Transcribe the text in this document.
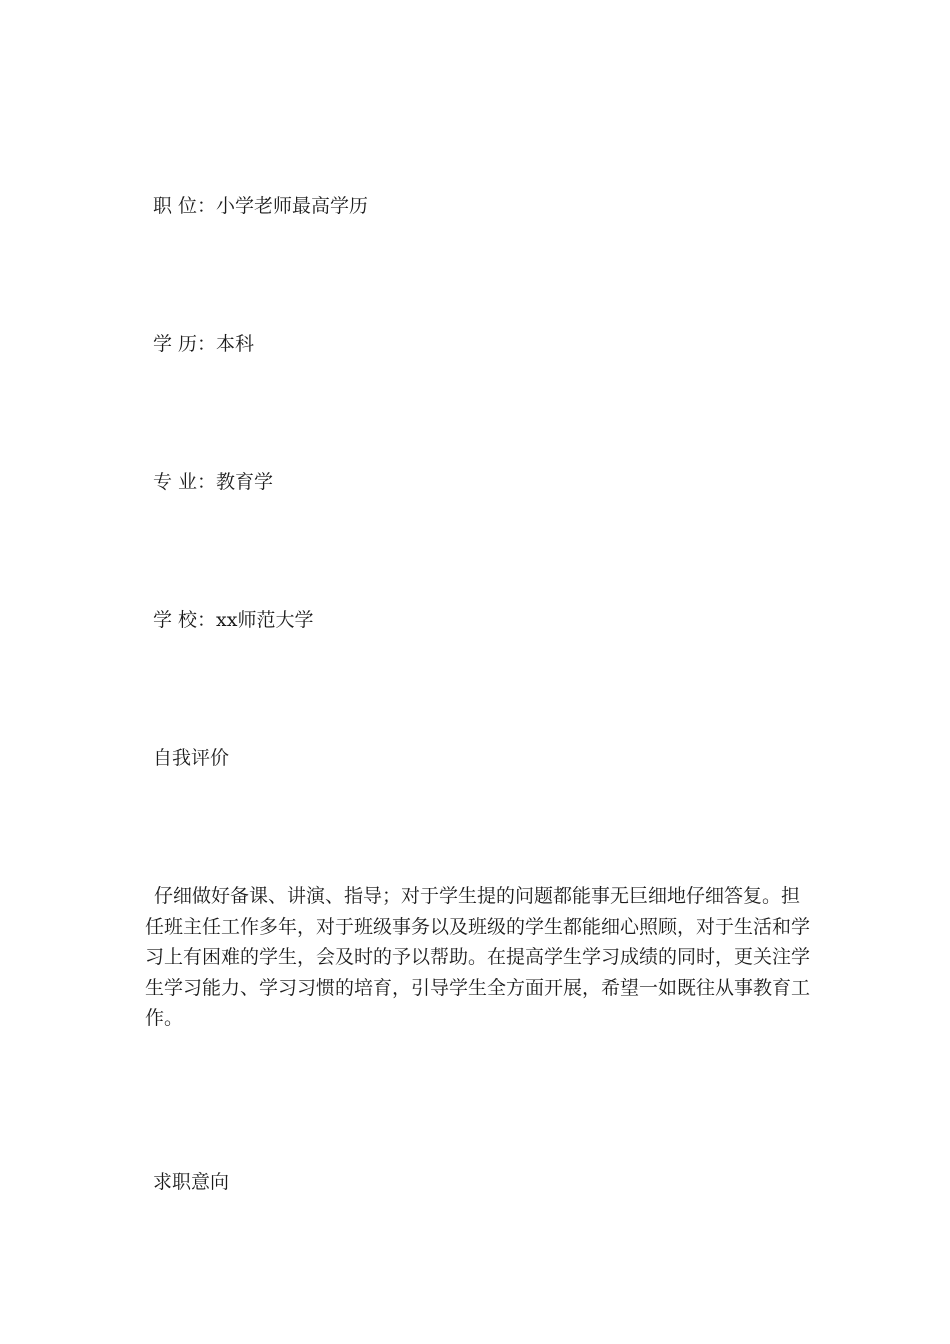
职 位：小学老师最高学历
学 历：本科
专 业：教育学
学 校：xx师范大学
自我评价
仔细做好备课、讲演、指导；对于学生提的问题都能事无巨细地仔细答复。担任班主任工作多年，对于班级事务以及班级的学生都能细心照顾，对于生活和学习上有困难的学生，会及时的予以帮助。在提高学生学习成绩的同时，更关注学生学习能力、学习习惯的培育，引导学生全方面开展，希望一如既往从事教育工作。
求职意向
